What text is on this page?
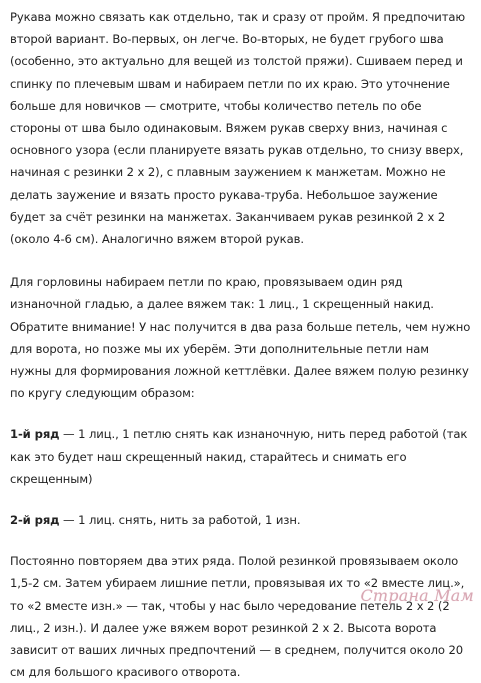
Рукава можно связать как отдельно, так и сразу от пройм. Я предпочитаю второй вариант. Во-первых, он легче. Во-вторых, не будет грубого шва (особенно, это актуально для вещей из толстой пряжи). Сшиваем перед и спинку по плечевым швам и набираем петли по их краю. Это уточнение больше для новичков — смотрите, чтобы количество петель по обе стороны от шва было одинаковым. Вяжем рукав сверху вниз, начиная с основного узора (если планируете вязать рукав отдельно, то снизу вверх, начиная с резинки 2 х 2), с плавным заужением к манжетам. Можно не делать заужение и вязать просто рукава-труба. Небольшое заужение будет за счёт резинки на манжетах. Заканчиваем рукав резинкой 2 х 2 (около 4-6 см). Аналогично вяжем второй рукав.

Для горловины набираем петли по краю, провязываем один ряд изнаночной гладью, а далее вяжем так: 1 лиц., 1 скрещенный накид. Обратите внимание! У нас получится в два раза больше петель, чем нужно для ворота, но позже мы их уберём. Эти дополнительные петли нам нужны для формирования ложной кеттлёвки. Далее вяжем полую резинку по кругу следующим образом:

1-й ряд — 1 лиц., 1 петлю снять как изнаночную, нить перед работой (так как это будет наш скрещенный накид, старайтесь и снимать его скрещенным)

2-й ряд — 1 лиц. снять, нить за работой, 1 изн.

Постоянно повторяем два этих ряда. Полой резинкой провязываем около 1,5-2 см. Затем убираем лишние петли, провязывая их то «2 вместе лиц.», то «2 вместе изн.» — так, чтобы у нас было чередование петель 2 х 2 (2 лиц., 2 изн.). И далее уже вяжем ворот резинкой 2 х 2. Высота ворота зависит от ваших личных предпочтений — в среднем, получится около 20 см для большого красивого отворота.

Страна Мам
